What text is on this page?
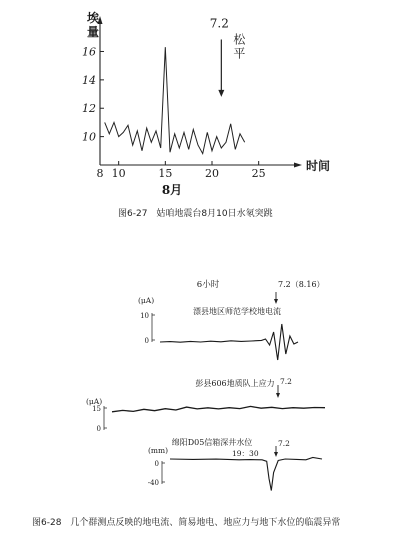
埃
量
时间
8月
10
12
14
16
8 10	15	20	25
7.2
松
平
6小时	7.2（8.16）
(μA)
10
0
漂县地区师范学校地电流
(μA)
15
0
彭县606地质队上应力 7.2
(mm)
0
-40
绵阳D05信箱深井水位	7.2
19：30
图6-27　姑咱地震台8月10日水氡突跳
图6-28　几个群测点反映的地电流、简易地电、地应力与地下水位的临震异常
